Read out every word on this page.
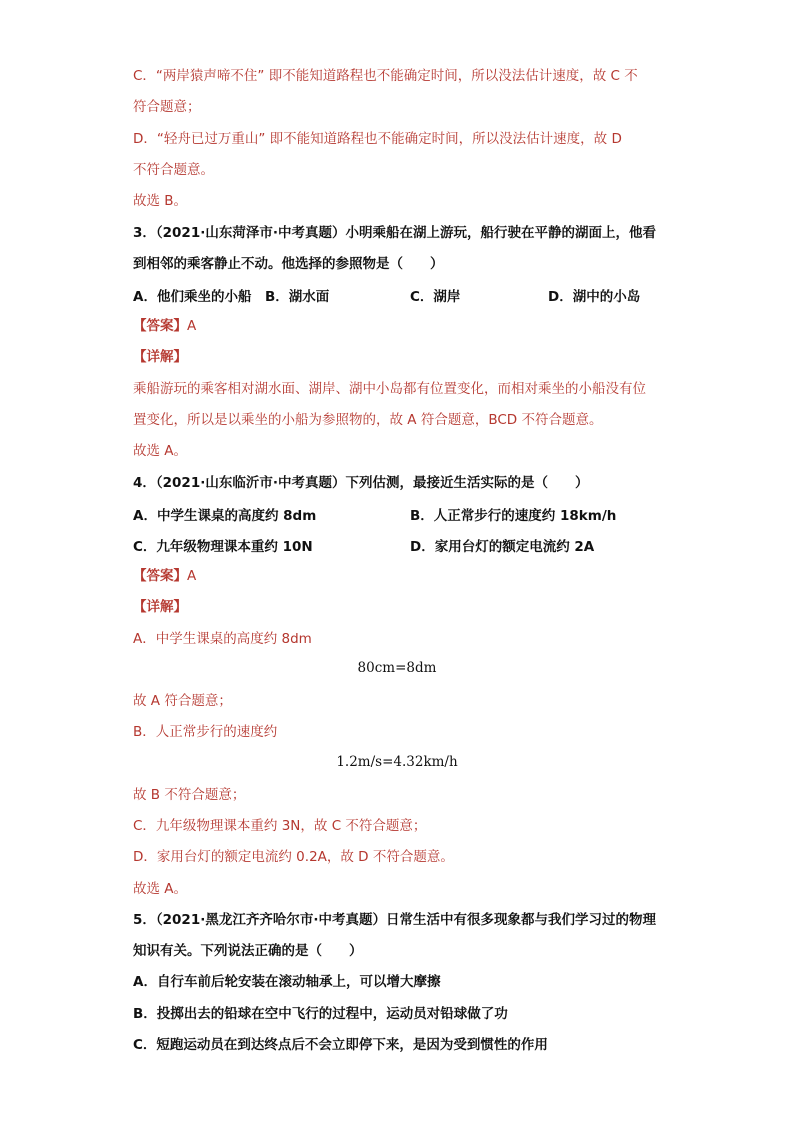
C．“两岸猿声啼不住” 即不能知道路程也不能确定时间，所以没法估计速度，故 C 不
符合题意；
D．“轻舟已过万重山” 即不能知道路程也不能确定时间，所以没法估计速度，故 D
不符合题意。
故选 B。
3．（2021·山东菏泽市·中考真题）小明乘船在湖上游玩，船行驶在平静的湖面上，他看
到相邻的乘客静止不动。他选择的参照物是（　　）
A．他们乘坐的小船 B．湖水面	C．湖岸	D．湖中的小岛
【答案】A
【详解】
乘船游玩的乘客相对湖水面、湖岸、湖中小岛都有位置变化，而相对乘坐的小船没有位
置变化，所以是以乘坐的小船为参照物的，故 A 符合题意，BCD 不符合题意。
故选 A。
4．（2021·山东临沂市·中考真题）下列估测，最接近生活实际的是（　　）
A．中学生课桌的高度约 8dm	B．人正常步行的速度约 18km/h
C．九年级物理课本重约 10N	D．家用台灯的额定电流约 2A
【答案】A
【详解】
A．中学生课桌的高度约 8dm
80cm=8dm
故 A 符合题意；
B．人正常步行的速度约
1.2m/s=4.32km/h
故 B 不符合题意；
C．九年级物理课本重约 3N，故 C 不符合题意；
D．家用台灯的额定电流约 0.2A，故 D 不符合题意。
故选 A。
5．（2021·黑龙江齐齐哈尔市·中考真题）日常生活中有很多现象都与我们学习过的物理
知识有关。下列说法正确的是（　　）
A．自行车前后轮安装在滚动轴承上，可以增大摩擦
B．投掷出去的铅球在空中飞行的过程中，运动员对铅球做了功
C．短跑运动员在到达终点后不会立即停下来，是因为受到惯性的作用
